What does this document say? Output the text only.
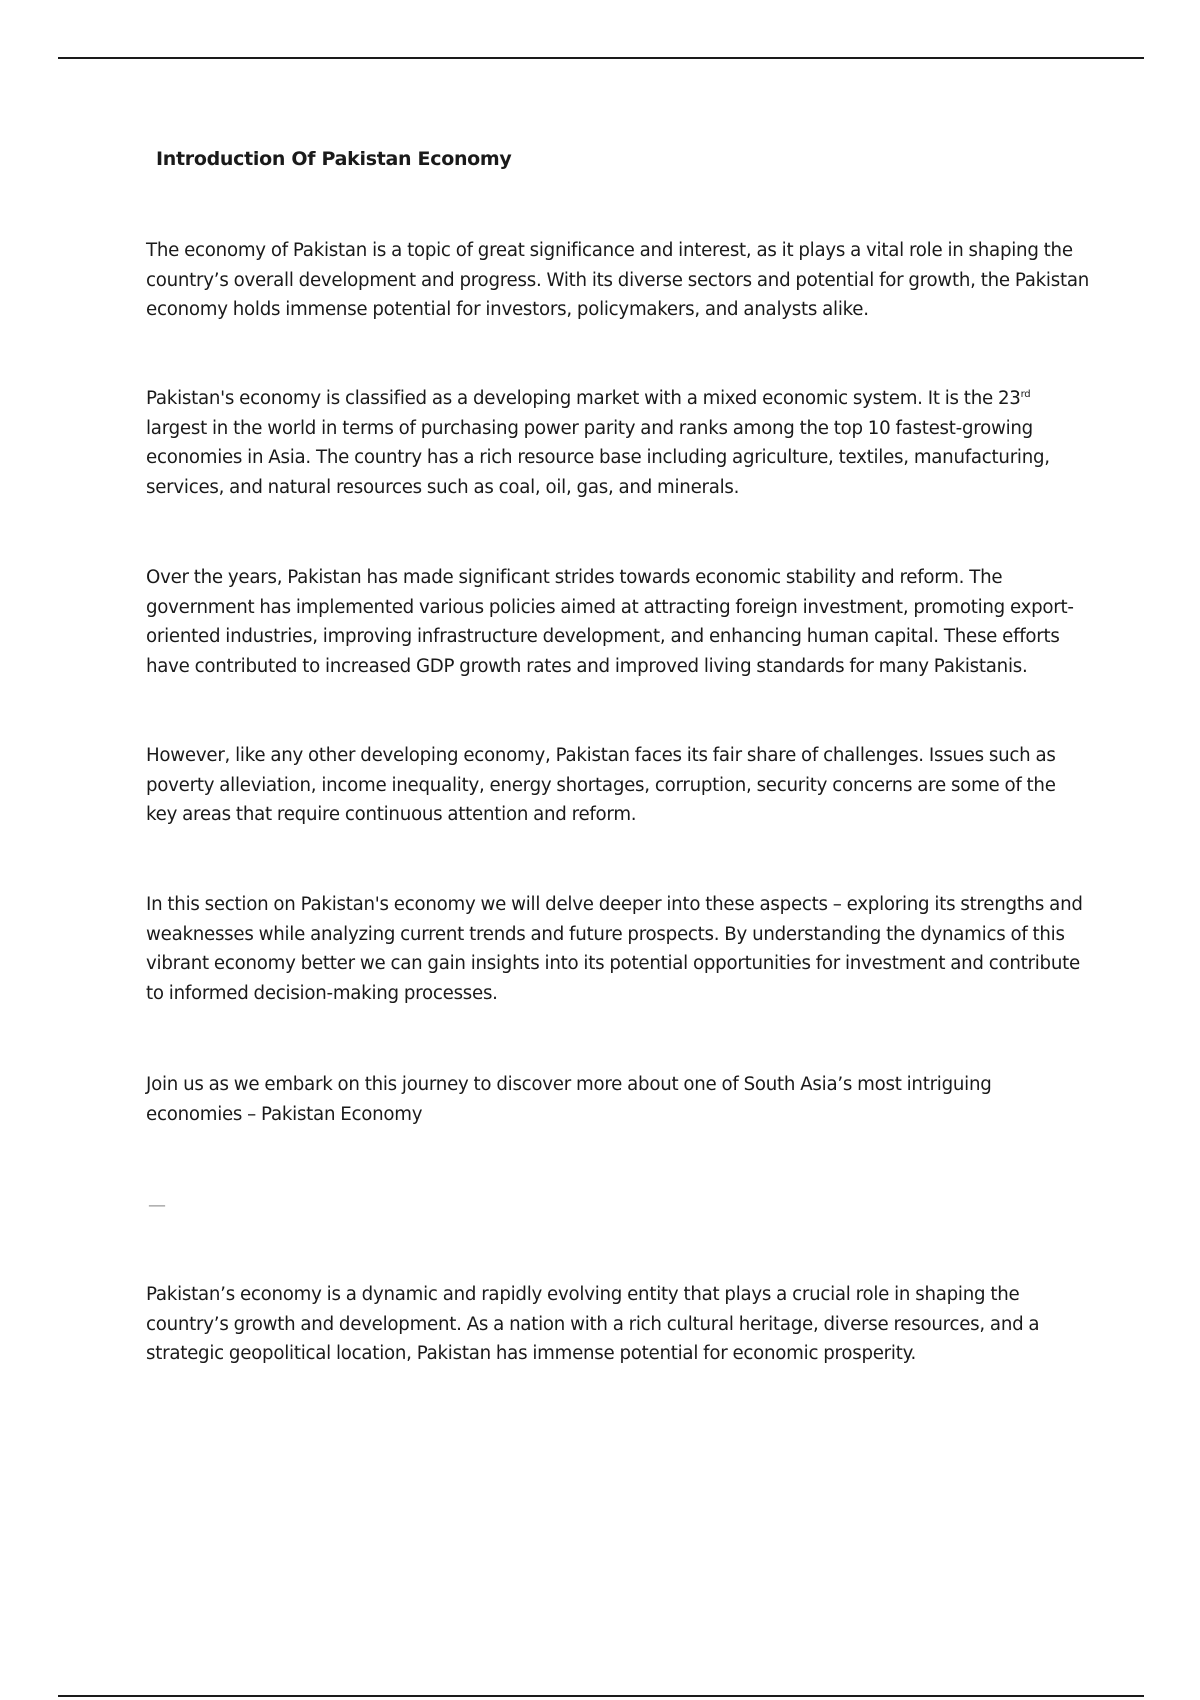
Introduction Of Pakistan Economy

The economy of Pakistan is a topic of great significance and interest, as it plays a vital role in shaping the country’s overall development and progress. With its diverse sectors and potential for growth, the Pakistan economy holds immense potential for investors, policymakers, and analysts alike.

Pakistan's economy is classified as a developing market with a mixed economic system. It is the 23rd largest in the world in terms of purchasing power parity and ranks among the top 10 fastest-growing economies in Asia. The country has a rich resource base including agriculture, textiles, manufacturing, services, and natural resources such as coal, oil, gas, and minerals.

Over the years, Pakistan has made significant strides towards economic stability and reform. The government has implemented various policies aimed at attracting foreign investment, promoting export-oriented industries, improving infrastructure development, and enhancing human capital. These efforts have contributed to increased GDP growth rates and improved living standards for many Pakistanis.

However, like any other developing economy, Pakistan faces its fair share of challenges. Issues such as poverty alleviation, income inequality, energy shortages, corruption, security concerns are some of the key areas that require continuous attention and reform.

In this section on Pakistan's economy we will delve deeper into these aspects – exploring its strengths and weaknesses while analyzing current trends and future prospects. By understanding the dynamics of this vibrant economy better we can gain insights into its potential opportunities for investment and contribute to informed decision-making processes.

Join us as we embark on this journey to discover more about one of South Asia’s most intriguing economies – Pakistan Economy

—

Pakistan’s economy is a dynamic and rapidly evolving entity that plays a crucial role in shaping the country’s growth and development. As a nation with a rich cultural heritage, diverse resources, and a strategic geopolitical location, Pakistan has immense potential for economic prosperity.
